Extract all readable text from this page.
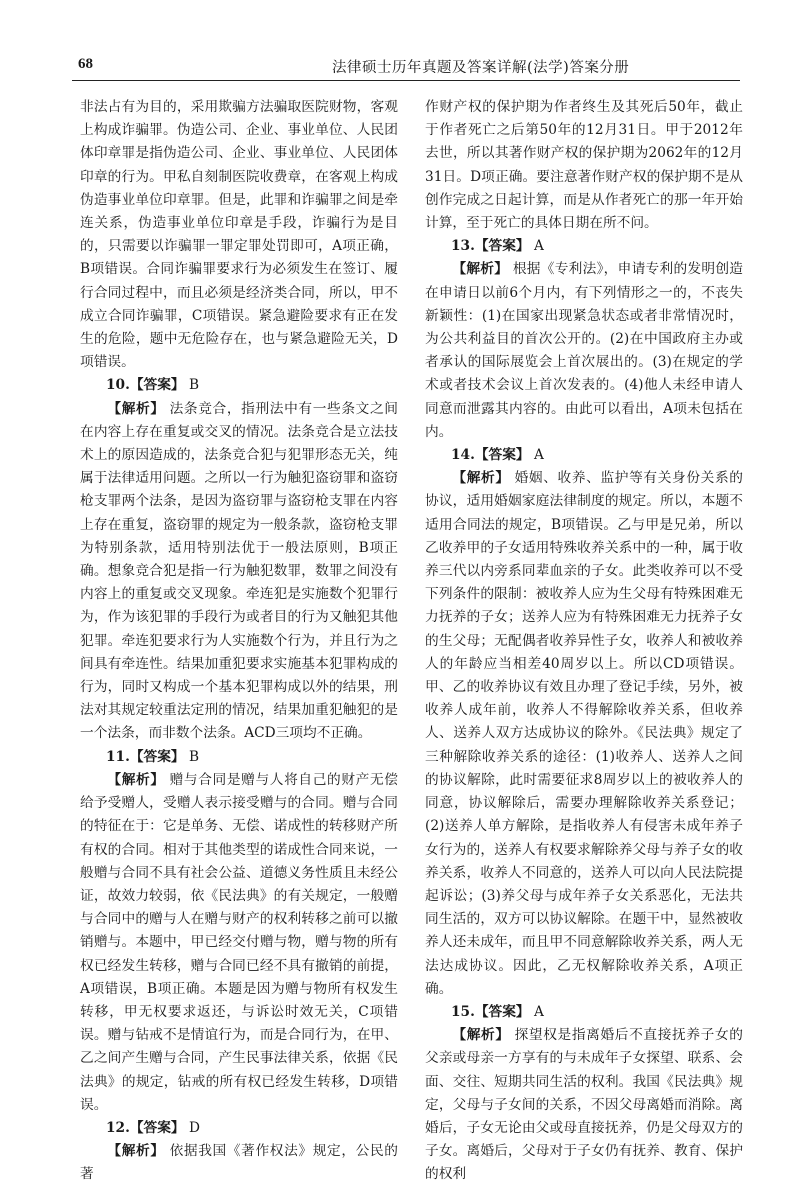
68	法律硕士历年真题及答案详解(法学)答案分册

非法占有为目的，采用欺骗方法骗取医院财物，客观上构成诈骗罪。伪造公司、企业、事业单位、人民团体印章罪是指伪造公司、企业、事业单位、人民团体印章的行为。甲私自刻制医院收费章，在客观上构成伪造事业单位印章罪。但是，此罪和诈骗罪之间是牵连关系，伪造事业单位印章是手段，诈骗行为是目的，只需要以诈骗罪一罪定罪处罚即可，A项正确，B项错误。合同诈骗罪要求行为必须发生在签订、履行合同过程中，而且必须是经济类合同，所以，甲不成立合同诈骗罪，C项错误。紧急避险要求有正在发生的危险，题中无危险存在，也与紧急避险无关，D项错误。

10.【答案】 B

【解析】 法条竞合，指刑法中有一些条文之间在内容上存在重复或交叉的情况。法条竞合是立法技术上的原因造成的，法条竞合犯与犯罪形态无关，纯属于法律适用问题。之所以一行为触犯盗窃罪和盗窃枪支罪两个法条，是因为盗窃罪与盗窃枪支罪在内容上存在重复，盗窃罪的规定为一般条款，盗窃枪支罪为特别条款，适用特别法优于一般法原则，B项正确。想象竞合犯是指一行为触犯数罪，数罪之间没有内容上的重复或交叉现象。牵连犯是实施数个犯罪行为，作为该犯罪的手段行为或者目的行为又触犯其他犯罪。牵连犯要求行为人实施数个行为，并且行为之间具有牵连性。结果加重犯要求实施基本犯罪构成的行为，同时又构成一个基本犯罪构成以外的结果，刑法对其规定较重法定刑的情况，结果加重犯触犯的是一个法条，而非数个法条。ACD三项均不正确。

11.【答案】 B

【解析】 赠与合同是赠与人将自己的财产无偿给予受赠人，受赠人表示接受赠与的合同。赠与合同的特征在于：它是单务、无偿、诺成性的转移财产所有权的合同。相对于其他类型的诺成性合同来说，一般赠与合同不具有社会公益、道德义务性质且未经公证，故效力较弱，依《民法典》的有关规定，一般赠与合同中的赠与人在赠与财产的权利转移之前可以撤销赠与。本题中，甲已经交付赠与物，赠与物的所有权已经发生转移，赠与合同已经不具有撤销的前提，A项错误，B项正确。本题是因为赠与物所有权发生转移，甲无权要求返还，与诉讼时效无关，C项错误。赠与钻戒不是情谊行为，而是合同行为，在甲、乙之间产生赠与合同，产生民事法律关系，依据《民法典》的规定，钻戒的所有权已经发生转移，D项错误。

12.【答案】 D

【解析】 依据我国《著作权法》规定，公民的著

作财产权的保护期为作者终生及其死后50年，截止于作者死亡之后第50年的12月31日。甲于2012年去世，所以其著作财产权的保护期为2062年的12月31日。D项正确。要注意著作财产权的保护期不是从创作完成之日起计算，而是从作者死亡的那一年开始计算，至于死亡的具体日期在所不问。

13.【答案】 A

【解析】 根据《专利法》，申请专利的发明创造在申请日以前6个月内，有下列情形之一的，不丧失新颖性：(1)在国家出现紧急状态或者非常情况时，为公共利益目的首次公开的。(2)在中国政府主办或者承认的国际展览会上首次展出的。(3)在规定的学术或者技术会议上首次发表的。(4)他人未经申请人同意而泄露其内容的。由此可以看出，A项未包括在内。

14.【答案】 A

【解析】 婚姻、收养、监护等有关身份关系的协议，适用婚姻家庭法律制度的规定。所以，本题不适用合同法的规定，B项错误。乙与甲是兄弟，所以乙收养甲的子女适用特殊收养关系中的一种，属于收养三代以内旁系同辈血亲的子女。此类收养可以不受下列条件的限制：被收养人应为生父母有特殊困难无力抚养的子女；送养人应为有特殊困难无力抚养子女的生父母；无配偶者收养异性子女，收养人和被收养人的年龄应当相差40周岁以上。所以CD项错误。甲、乙的收养协议有效且办理了登记手续，另外，被收养人成年前，收养人不得解除收养关系，但收养人、送养人双方达成协议的除外。《民法典》规定了三种解除收养关系的途径：(1)收养人、送养人之间的协议解除，此时需要征求8周岁以上的被收养人的同意，协议解除后，需要办理解除收养关系登记；(2)送养人单方解除，是指收养人有侵害未成年养子女行为的，送养人有权要求解除养父母与养子女的收养关系，收养人不同意的，送养人可以向人民法院提起诉讼；(3)养父母与成年养子女关系恶化，无法共同生活的，双方可以协议解除。在题干中，显然被收养人还未成年，而且甲不同意解除收养关系，两人无法达成协议。因此，乙无权解除收养关系，A项正确。

15.【答案】 A

【解析】 探望权是指离婚后不直接抚养子女的父亲或母亲一方享有的与未成年子女探望、联系、会面、交往、短期共同生活的权利。我国《民法典》规定，父母与子女间的关系，不因父母离婚而消除。离婚后，子女无论由父或母直接抚养，仍是父母双方的子女。离婚后，父母对于子女仍有抚养、教育、保护的权利
